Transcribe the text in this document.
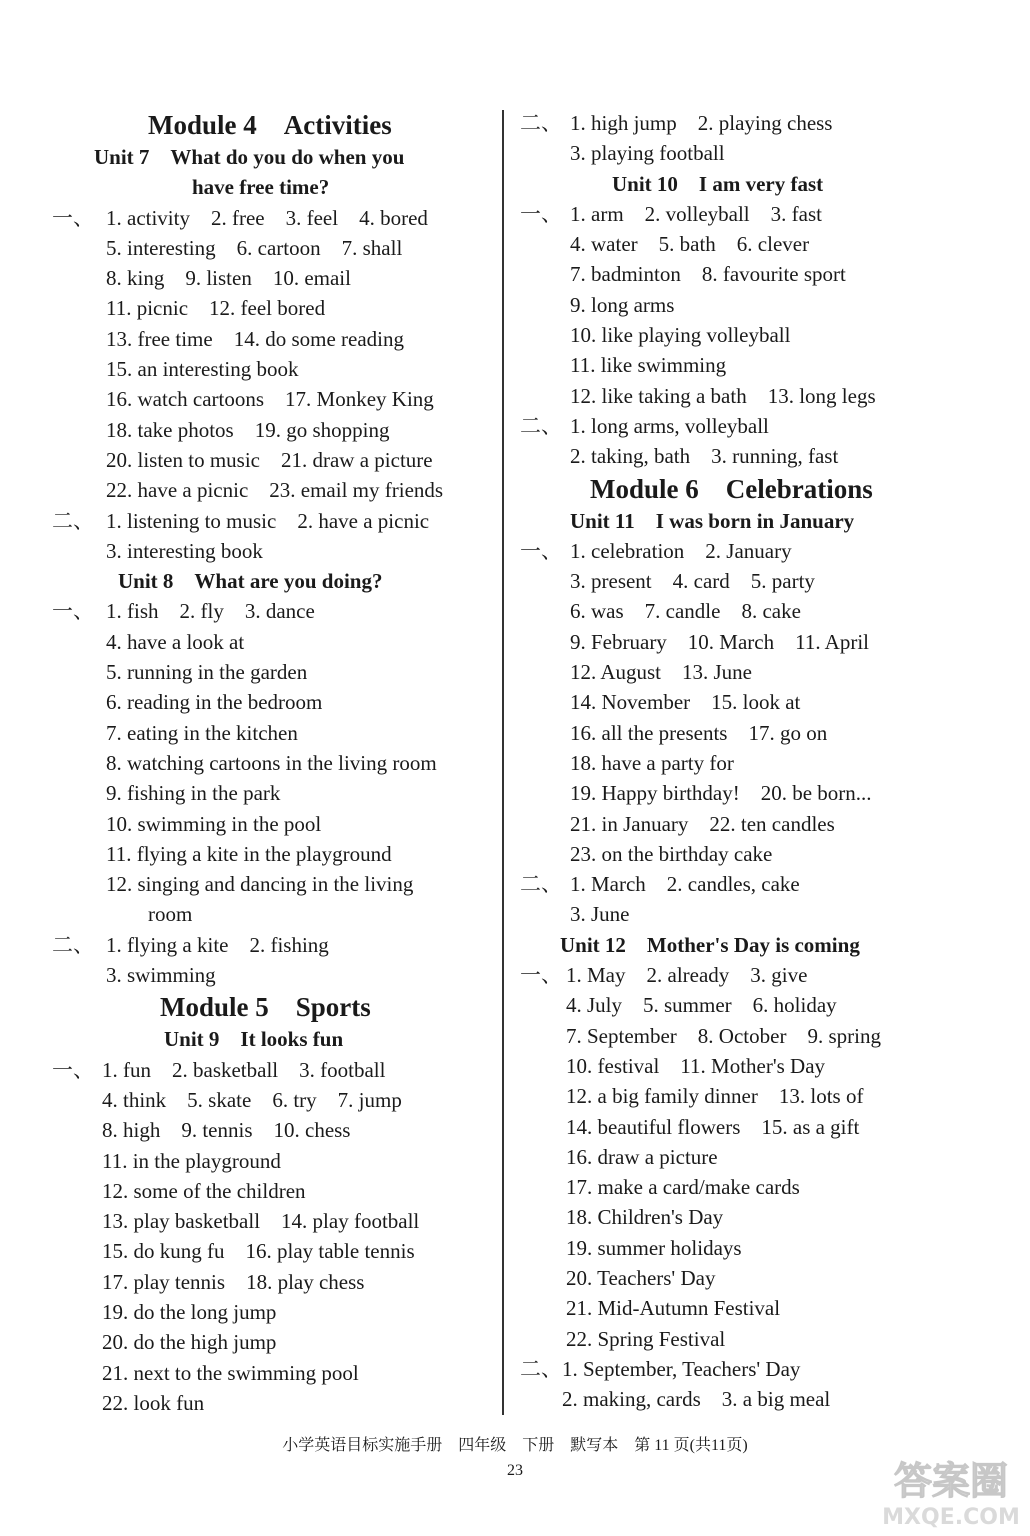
Module 4　Activities
Unit 7　What do you do when you
have free time?
一、 1. activity　2. free　3. feel　4. bored
5. interesting　6. cartoon　7. shall
8. king　9. listen　10. email
11. picnic　12. feel bored
13. free time　14. do some reading
15. an interesting book
16. watch cartoons　17. Monkey King
18. take photos　19. go shopping
20. listen to music　21. draw a picture
22. have a picnic　23. email my friends
二、 1. listening to music　2. have a picnic
3. interesting book
Unit 8　What are you doing?
一、 1. fish　2. fly　3. dance
4. have a look at
5. running in the garden
6. reading in the bedroom
7. eating in the kitchen
8. watching cartoons in the living room
9. fishing in the park
10. swimming in the pool
11. flying a kite in the playground
12. singing and dancing in the living
room
二、 1. flying a kite　2. fishing
3. swimming
Module 5　Sports
Unit 9　It looks fun
一、 1. fun　2. basketball　3. football
4. think　5. skate　6. try　7. jump
8. high　9. tennis　10. chess
11. in the playground
12. some of the children
13. play basketball　14. play football
15. do kung fu　16. play table tennis
17. play tennis　18. play chess
19. do the long jump
20. do the high jump
21. next to the swimming pool
22. look fun
二、 1. high jump　2. playing chess
3. playing football
Unit 10　I am very fast
一、 1. arm　2. volleyball　3. fast
4. water　5. bath　6. clever
7. badminton　8. favourite sport
9. long arms
10. like playing volleyball
11. like swimming
12. like taking a bath　13. long legs
二、 1. long arms, volleyball
2. taking, bath　3. running, fast
Module 6　Celebrations
Unit 11　I was born in January
一、 1. celebration　2. January
3. present　4. card　5. party
6. was　7. candle　8. cake
9. February　10. March　11. April
12. August　13. June
14. November　15. look at
16. all the presents　17. go on
18. have a party for
19. Happy birthday!　20. be born...
21. in January　22. ten candles
23. on the birthday cake
二、 1. March　2. candles, cake
3. June
Unit 12　Mother's Day is coming
一、 1. May　2. already　3. give
4. July　5. summer　6. holiday
7. September　8. October　9. spring
10. festival　11. Mother's Day
12. a big family dinner　13. lots of
14. beautiful flowers　15. as a gift
16. draw a picture
17. make a card/make cards
18. Children's Day
19. summer holidays
20. Teachers' Day
21. Mid-Autumn Festival
22. Spring Festival
二、 1. September, Teachers' Day
2. making, cards　3. a big meal
小学英语目标实施手册　四年级　下册　默写本　第 11 页(共11页)
23	答案圈
MXQE.COM
